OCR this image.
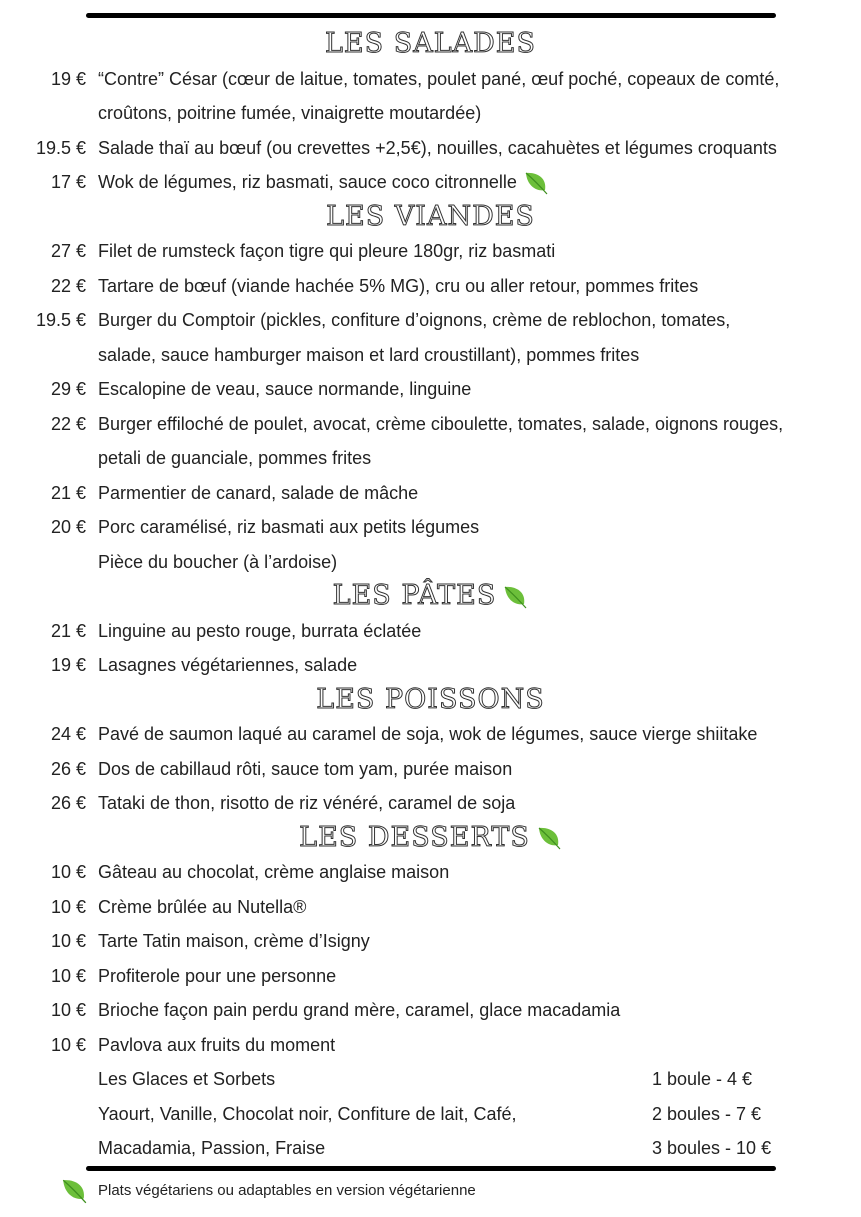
LES SALADES
19 € “Contre” César (cœur de laitue, tomates, poulet pané, œuf poché, copeaux de comté,
croûtons, poitrine fumée, vinaigrette moutardée)
19.5 € Salade thaï au bœuf (ou crevettes +2,5€), nouilles, cacahuètes et légumes croquants
17 € Wok de légumes, riz basmati, sauce coco citronnelle
LES VIANDES
27 € Filet de rumsteck façon tigre qui pleure 180gr, riz basmati
22 € Tartare de bœuf (viande hachée 5% MG), cru ou aller retour, pommes frites
19.5 € Burger du Comptoir (pickles, confiture d’oignons, crème de reblochon, tomates,
salade, sauce hamburger maison et lard croustillant), pommes frites
29 € Escalopine de veau, sauce normande, linguine
22 € Burger effiloché de poulet, avocat, crème ciboulette, tomates, salade, oignons rouges,
petali de guanciale, pommes frites
21 € Parmentier de canard, salade de mâche
20 € Porc caramélisé, riz basmati aux petits légumes
Pièce du boucher (à l’ardoise)
LES PÂTES
21 € Linguine au pesto rouge, burrata éclatée
19 € Lasagnes végétariennes, salade
LES POISSONS
24 € Pavé de saumon laqué au caramel de soja, wok de légumes, sauce vierge shiitake
26 € Dos de cabillaud rôti, sauce tom yam, purée maison
26 € Tataki de thon, risotto de riz vénéré, caramel de soja
LES DESSERTS
10 € Gâteau au chocolat, crème anglaise maison
10 € Crème brûlée au Nutella®
10 € Tarte Tatin maison, crème d’Isigny
10 € Profiterole pour une personne
10 € Brioche façon pain perdu grand mère, caramel, glace macadamia
10 € Pavlova aux fruits du moment
Les Glaces et Sorbets	1 boule - 4 €
Yaourt, Vanille, Chocolat noir, Confiture de lait, Café,	2 boules - 7 €
Macadamia, Passion, Fraise	3 boules - 10 €
Plats végétariens ou adaptables en version végétarienne
